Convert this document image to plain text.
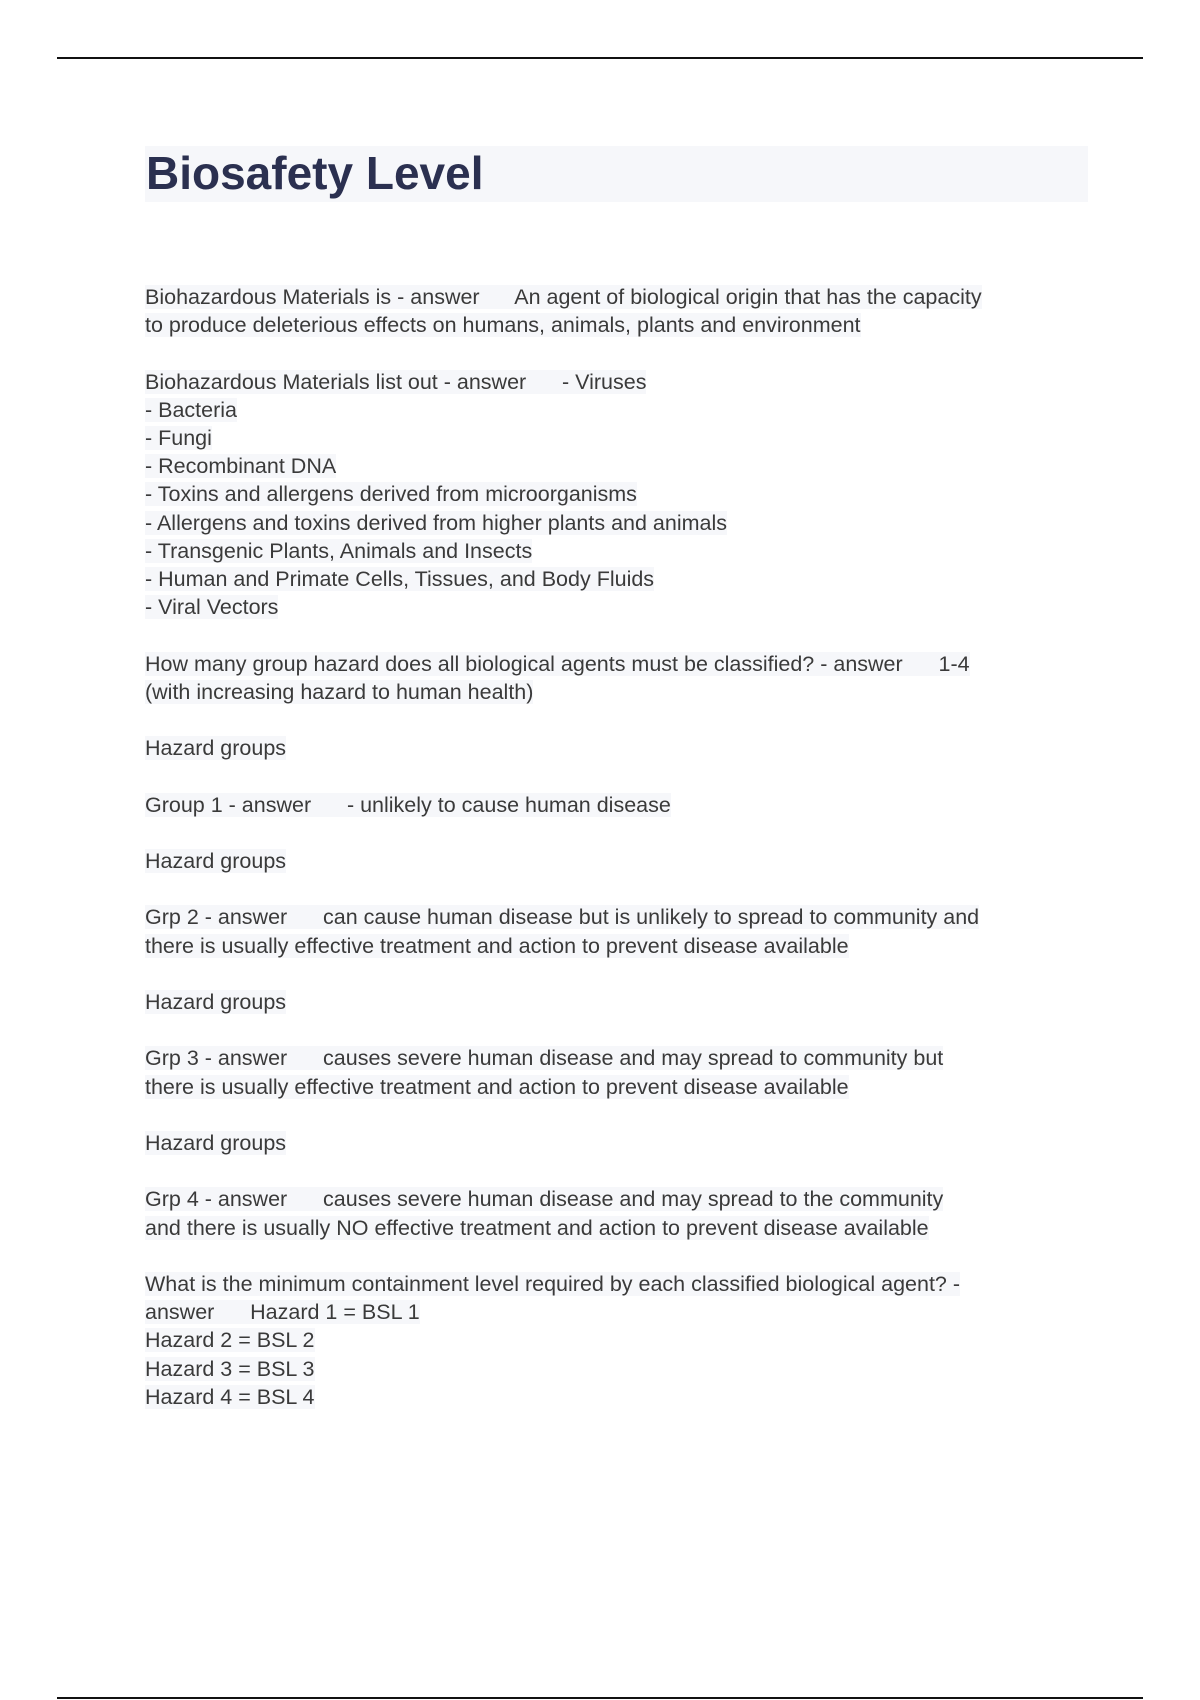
Biosafety Level
Biohazardous Materials is - answer      An agent of biological origin that has the capacity
to produce deleterious effects on humans, animals, plants and environment
Biohazardous Materials list out - answer      - Viruses
- Bacteria
- Fungi
- Recombinant DNA
- Toxins and allergens derived from microorganisms
- Allergens and toxins derived from higher plants and animals
- Transgenic Plants, Animals and Insects
- Human and Primate Cells, Tissues, and Body Fluids
- Viral Vectors
How many group hazard does all biological agents must be classified? - answer      1-4
(with increasing hazard to human health)
Hazard groups
Group 1 - answer      - unlikely to cause human disease
Hazard groups
Grp 2 - answer      can cause human disease but is unlikely to spread to community and
there is usually effective treatment and action to prevent disease available
Hazard groups
Grp 3 - answer      causes severe human disease and may spread to community but
there is usually effective treatment and action to prevent disease available
Hazard groups
Grp 4 - answer      causes severe human disease and may spread to the community
and there is usually NO effective treatment and action to prevent disease available
What is the minimum containment level required by each classified biological agent? -
answer      Hazard 1 = BSL 1
Hazard 2 = BSL 2
Hazard 3 = BSL 3
Hazard 4 = BSL 4
